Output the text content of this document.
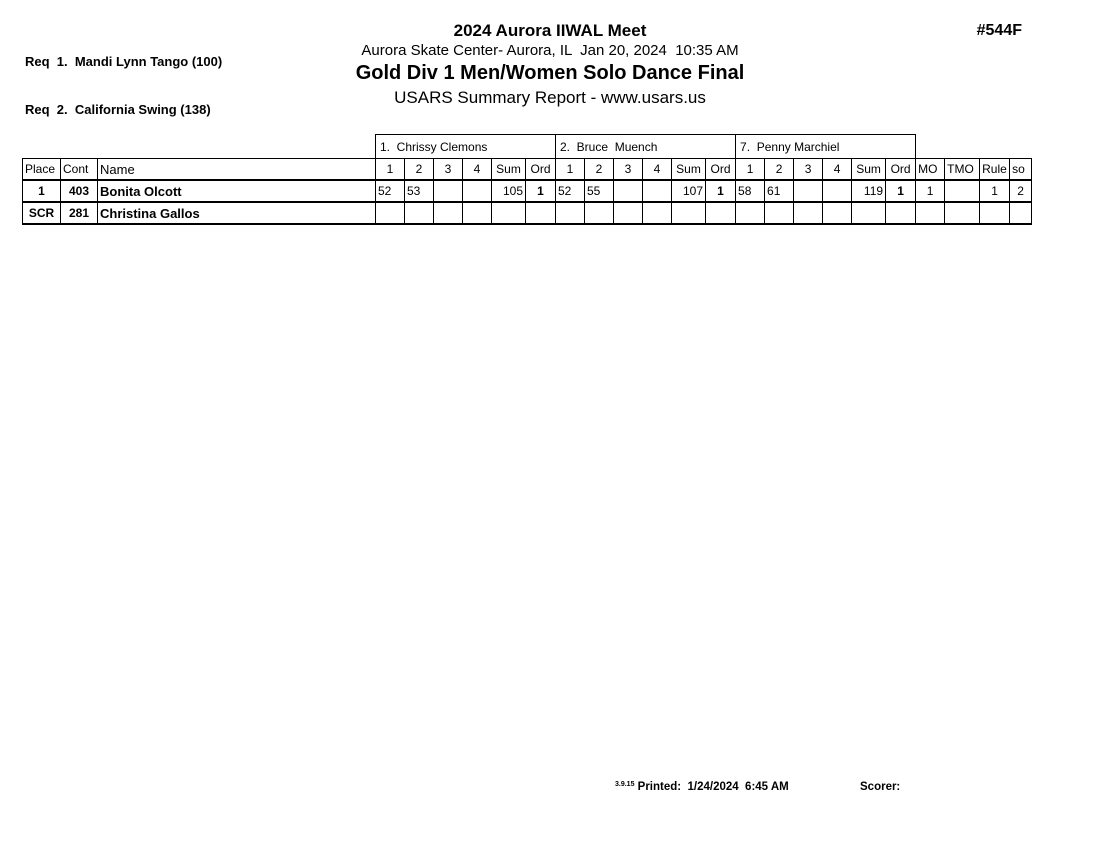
Req  1.  Mandi Lynn Tango (100)

Req  2.  California Swing (138)

2024 Aurora IIWAL Meet
Aurora Skate Center- Aurora, IL  Jan 20, 2024  10:35 AM
Gold Div 1 Men/Women Solo Dance Final
USARS Summary Report - www.usars.us
#544F
			1.  Chrissy Clemons						2.  Bruce  Muench						7.  Penny Marchiel									
Place	Cont	Name	1	2	3	4	Sum	Ord	1	2	3	4	Sum	Ord	1	2	3	4	Sum	Ord	MO	TMO	Rule	so
1	403	Bonita Olcott	52	53			105	1	52	55			107	1	58	61			119	1	1		1	2
SCR	281	Christina Gallos																						
$^{3.9.15}$ Printed:  1/24/2024  6:45 AM	Scorer:
